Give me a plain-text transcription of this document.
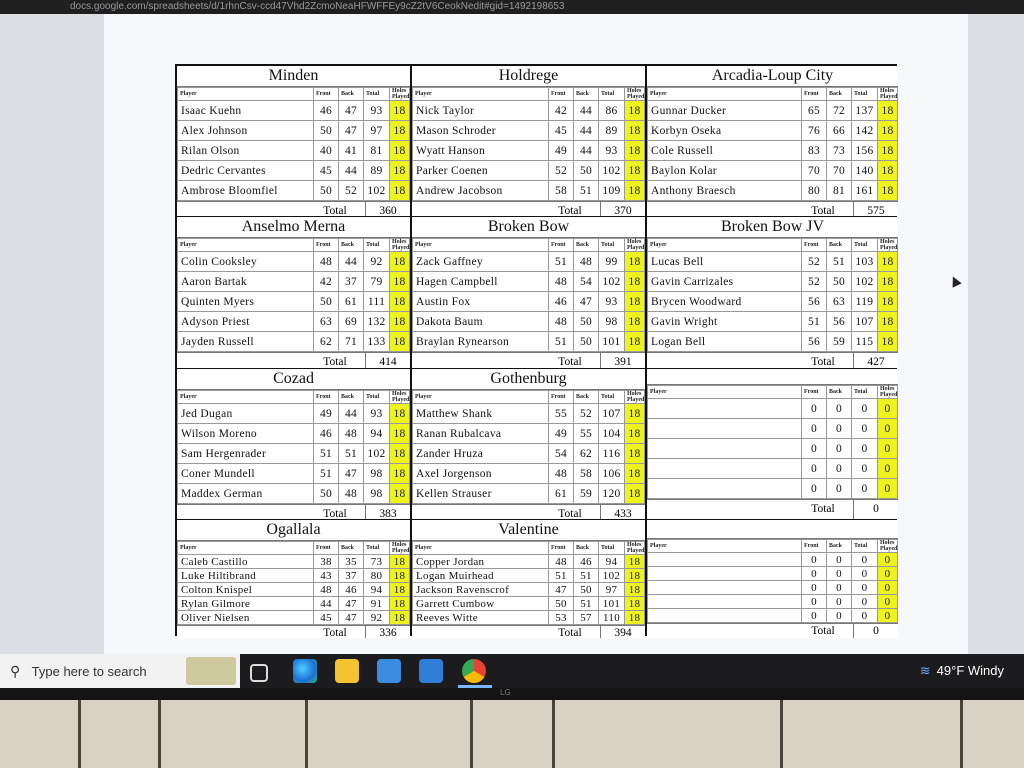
docs.google.com/spreadsheets/d/1rhnCsv-ccd47Vhd2ZcmoNeaHFWFFEy9cZ2tV6CeokNedit#gid=1492198653
Minden
Player	Front	Back	Total	Holes Played
Isaac Kuehn	46	47	93	18
Alex Johnson	50	47	97	18
Rilan Olson	40	41	81	18
Dedric Cervantes	45	44	89	18
Ambrose Bloomfiel	50	52	102	18
Total	360
Holdrege
Player	Front	Back	Total	Holes Played
Nick Taylor	42	44	86	18
Mason Schroder	45	44	89	18
Wyatt Hanson	49	44	93	18
Parker Coenen	52	50	102	18
Andrew Jacobson	58	51	109	18
Total	370
Arcadia-Loup City
Player	Front	Back	Total	Holes Played
Gunnar Ducker	65	72	137	18
Korbyn Oseka	76	66	142	18
Cole Russell	83	73	156	18
Baylon Kolar	70	70	140	18
Anthony Braesch	80	81	161	18
Total	575
Anselmo Merna
Player	Front	Back	Total	Holes Played
Colin Cooksley	48	44	92	18
Aaron Bartak	42	37	79	18
Quinten Myers	50	61	111	18
Adyson Priest	63	69	132	18
Jayden Russell	62	71	133	18
Total	414
Broken Bow
Player	Front	Back	Total	Holes Played
Zack Gaffney	51	48	99	18
Hagen Campbell	48	54	102	18
Austin Fox	46	47	93	18
Dakota Baum	48	50	98	18
Braylan Rynearson	51	50	101	18
Total	391
Broken Bow JV
Player	Front	Back	Total	Holes Played
Lucas Bell	52	51	103	18
Gavin Carrizales	52	50	102	18
Brycen Woodward	56	63	119	18
Gavin Wright	51	56	107	18
Logan Bell	56	59	115	18
Total	427
Cozad
Player	Front	Back	Total	Holes Played
Jed Dugan	49	44	93	18
Wilson Moreno	46	48	94	18
Sam Hergenrader	51	51	102	18
Coner Mundell	51	47	98	18
Maddex German	50	48	98	18
Total	383
Gothenburg
Player	Front	Back	Total	Holes Played
Matthew Shank	55	52	107	18
Ranan Rubalcava	49	55	104	18
Zander Hruza	54	62	116	18
Axel Jorgenson	48	58	106	18
Kellen Strauser	61	59	120	18
Total	433
Player	Front	Back	Total	Holes Played
	0	0	0	0
	0	0	0	0
	0	0	0	0
	0	0	0	0
	0	0	0	0
Total	0
Ogallala
Player	Front	Back	Total	Holes Played
Caleb Castillo	38	35	73	18
Luke Hiltibrand	43	37	80	18
Colton Knispel	48	46	94	18
Rylan Gilmore	44	47	91	18
Oliver Nielsen	45	47	92	18
Total	336
Valentine
Player	Front	Back	Total	Holes Played
Copper Jordan	48	46	94	18
Logan Muirhead	51	51	102	18
Jackson Ravenscrof	47	50	97	18
Garrett Cumbow	50	51	101	18
Reeves Witte	53	57	110	18
Total	394
Player	Front	Back	Total	Holes Played
	0	0	0	0
	0	0	0	0
	0	0	0	0
	0	0	0	0
	0	0	0	0
Total	0
⚲ Type here to search	≋ 49°F Windy
LG
